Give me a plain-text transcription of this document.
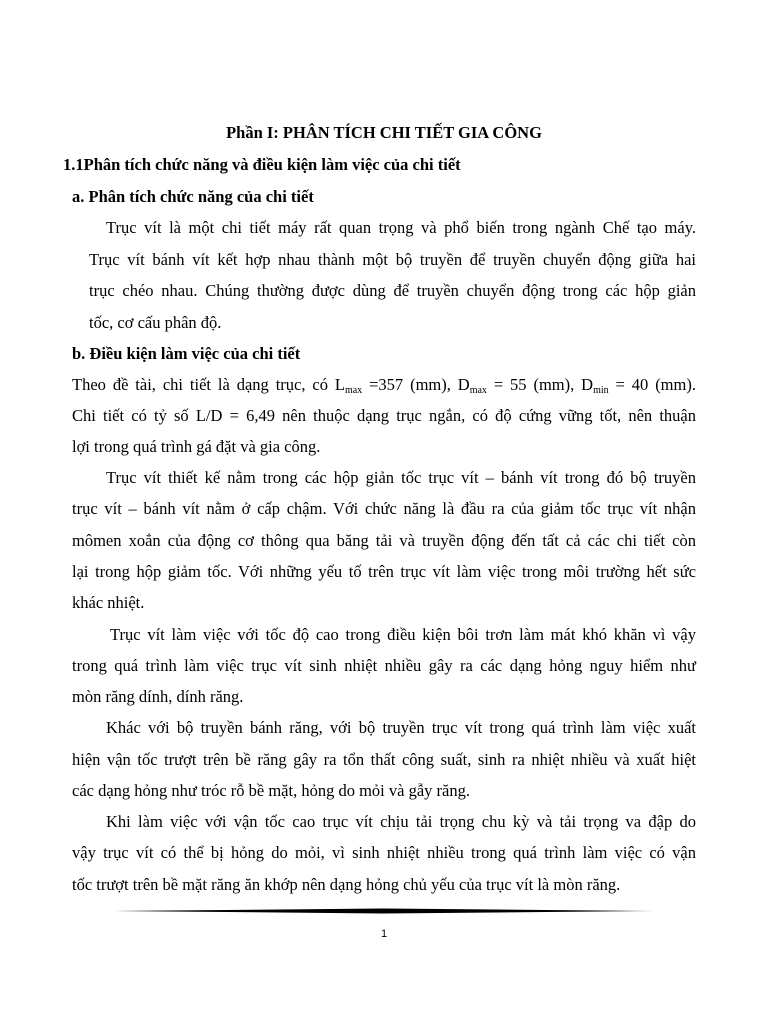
Phần I: PHÂN TÍCH CHI TIẾT GIA CÔNG
1.1Phân tích chức năng và điều kiện làm việc của chi tiết
a. Phân tích chức năng của chi tiết
Trục vít là một chi tiết máy rất quan trọng và phổ biến trong ngành Chế tạo máy.
Trục vít bánh vít kết hợp nhau thành một bộ truyền để truyền chuyển động giữa hai
trục chéo nhau. Chúng thường được dùng để truyền chuyển động trong các hộp giản
tốc, cơ cấu phân độ.
b. Điều kiện làm việc của chi tiết
Theo đề tài, chi tiết là dạng trục, có $L_{max} =357$ (mm), $D_{max} = 55$ (mm), $D_{min} = 40$ (mm).
Chi tiết có tỷ số L/D = 6,49 nên thuộc dạng trục ngắn, có độ cứng vững tốt, nên thuận
lợi trong quá trình gá đặt và gia công.
Trục vít thiết kế nằm trong các hộp giản tốc trục vít – bánh vít trong đó bộ truyền
trục vít – bánh vít nằm ở cấp chậm. Với chức năng là đầu ra của giảm tốc trục vít nhận
mômen xoắn của động cơ thông qua băng tải và truyền động đến tất cả các chi tiết còn
lại trong hộp giảm tốc. Với những yếu tố trên trục vít làm việc trong môi trường hết sức
khác nhiệt.
Trục vít làm việc với tốc độ cao trong điều kiện bôi trơn làm mát khó khăn vì vậy
trong quá trình làm việc trục vít sinh nhiệt nhiều gây ra các dạng hỏng nguy hiểm như
mòn răng dính, dính răng.
Khác với bộ truyền bánh răng, với bộ truyền trục vít trong quá trình làm việc xuất
hiện vận tốc trượt trên bề răng gây ra tổn thất công suất, sinh ra nhiệt nhiều và xuất hiệt
các dạng hỏng như tróc rỗ bề mặt, hỏng do mỏi và gẫy răng.
Khi làm việc với vận tốc cao trục vít chịu tải trọng chu kỳ và tải trọng va đập do
vậy trục vít có thể bị hỏng do mỏi, vì sinh nhiệt nhiều trong quá trình làm việc có vận
tốc trượt trên bề mặt răng ăn khớp nên dạng hỏng chủ yếu của trục vít là mòn răng.
1
